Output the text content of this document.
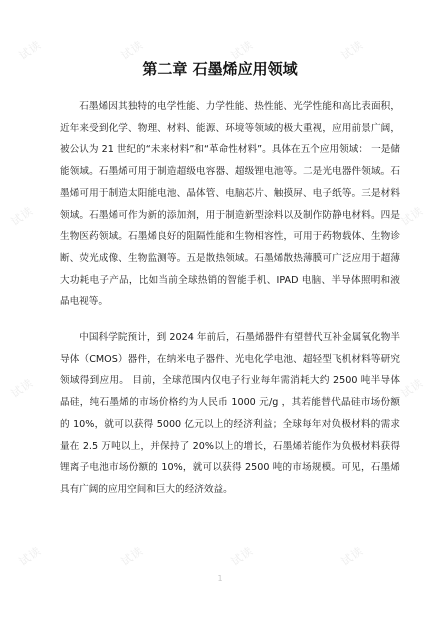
试读	试读	试读	试读
试读	试读
试读	试读
试读	试读	试读	试读
第二章 石墨烯应用领域

石墨烯因其独特的电学性能、力学性能、热性能、光学性能和高比表面积，近年来受到化学、物理、材料、能源、环境等领域的极大重视，应用前景广阔，被公认为 21 世纪的“未来材料”和“革命性材料”。具体在五个应用领域： 一是储能领域。石墨烯可用于制造超级电容器、超级锂电池等。二是光电器件领域。石墨烯可用于制造太阳能电池、晶体管、电脑芯片、触摸屏、电子纸等。三是材料领域。石墨烯可作为新的添加剂，用于制造新型涂料以及制作防静电材料。四是生物医药领域。石墨烯良好的阻隔性能和生物相容性，可用于药物载体、生物诊断、荧光成像、生物监测等。五是散热领域。石墨烯散热薄膜可广泛应用于超薄大功耗电子产品，比如当前全球热销的智能手机、IPAD 电脑、半导体照明和液晶电视等。

中国科学院预计，到 2024 年前后，石墨烯器件有望替代互补金属氧化物半导体（CMOS）器件，在纳米电子器件、光电化学电池、超轻型飞机材料等研究领域得到应用。 目前，全球范围内仅电子行业每年需消耗大约 2500 吨半导体晶硅，纯石墨烯的市场价格约为人民币 1000 元/g ，其若能替代晶硅市场份额的 10%，就可以获得 5000 亿元以上的经济利益；全球每年对负极材料的需求量在 2.5 万吨以上，并保持了 20%以上的增长，石墨烯若能作为负极材料获得锂离子电池市场份额的 10%，就可以获得 2500 吨的市场规模。可见，石墨烯具有广阔的应用空间和巨大的经济效益。

1
